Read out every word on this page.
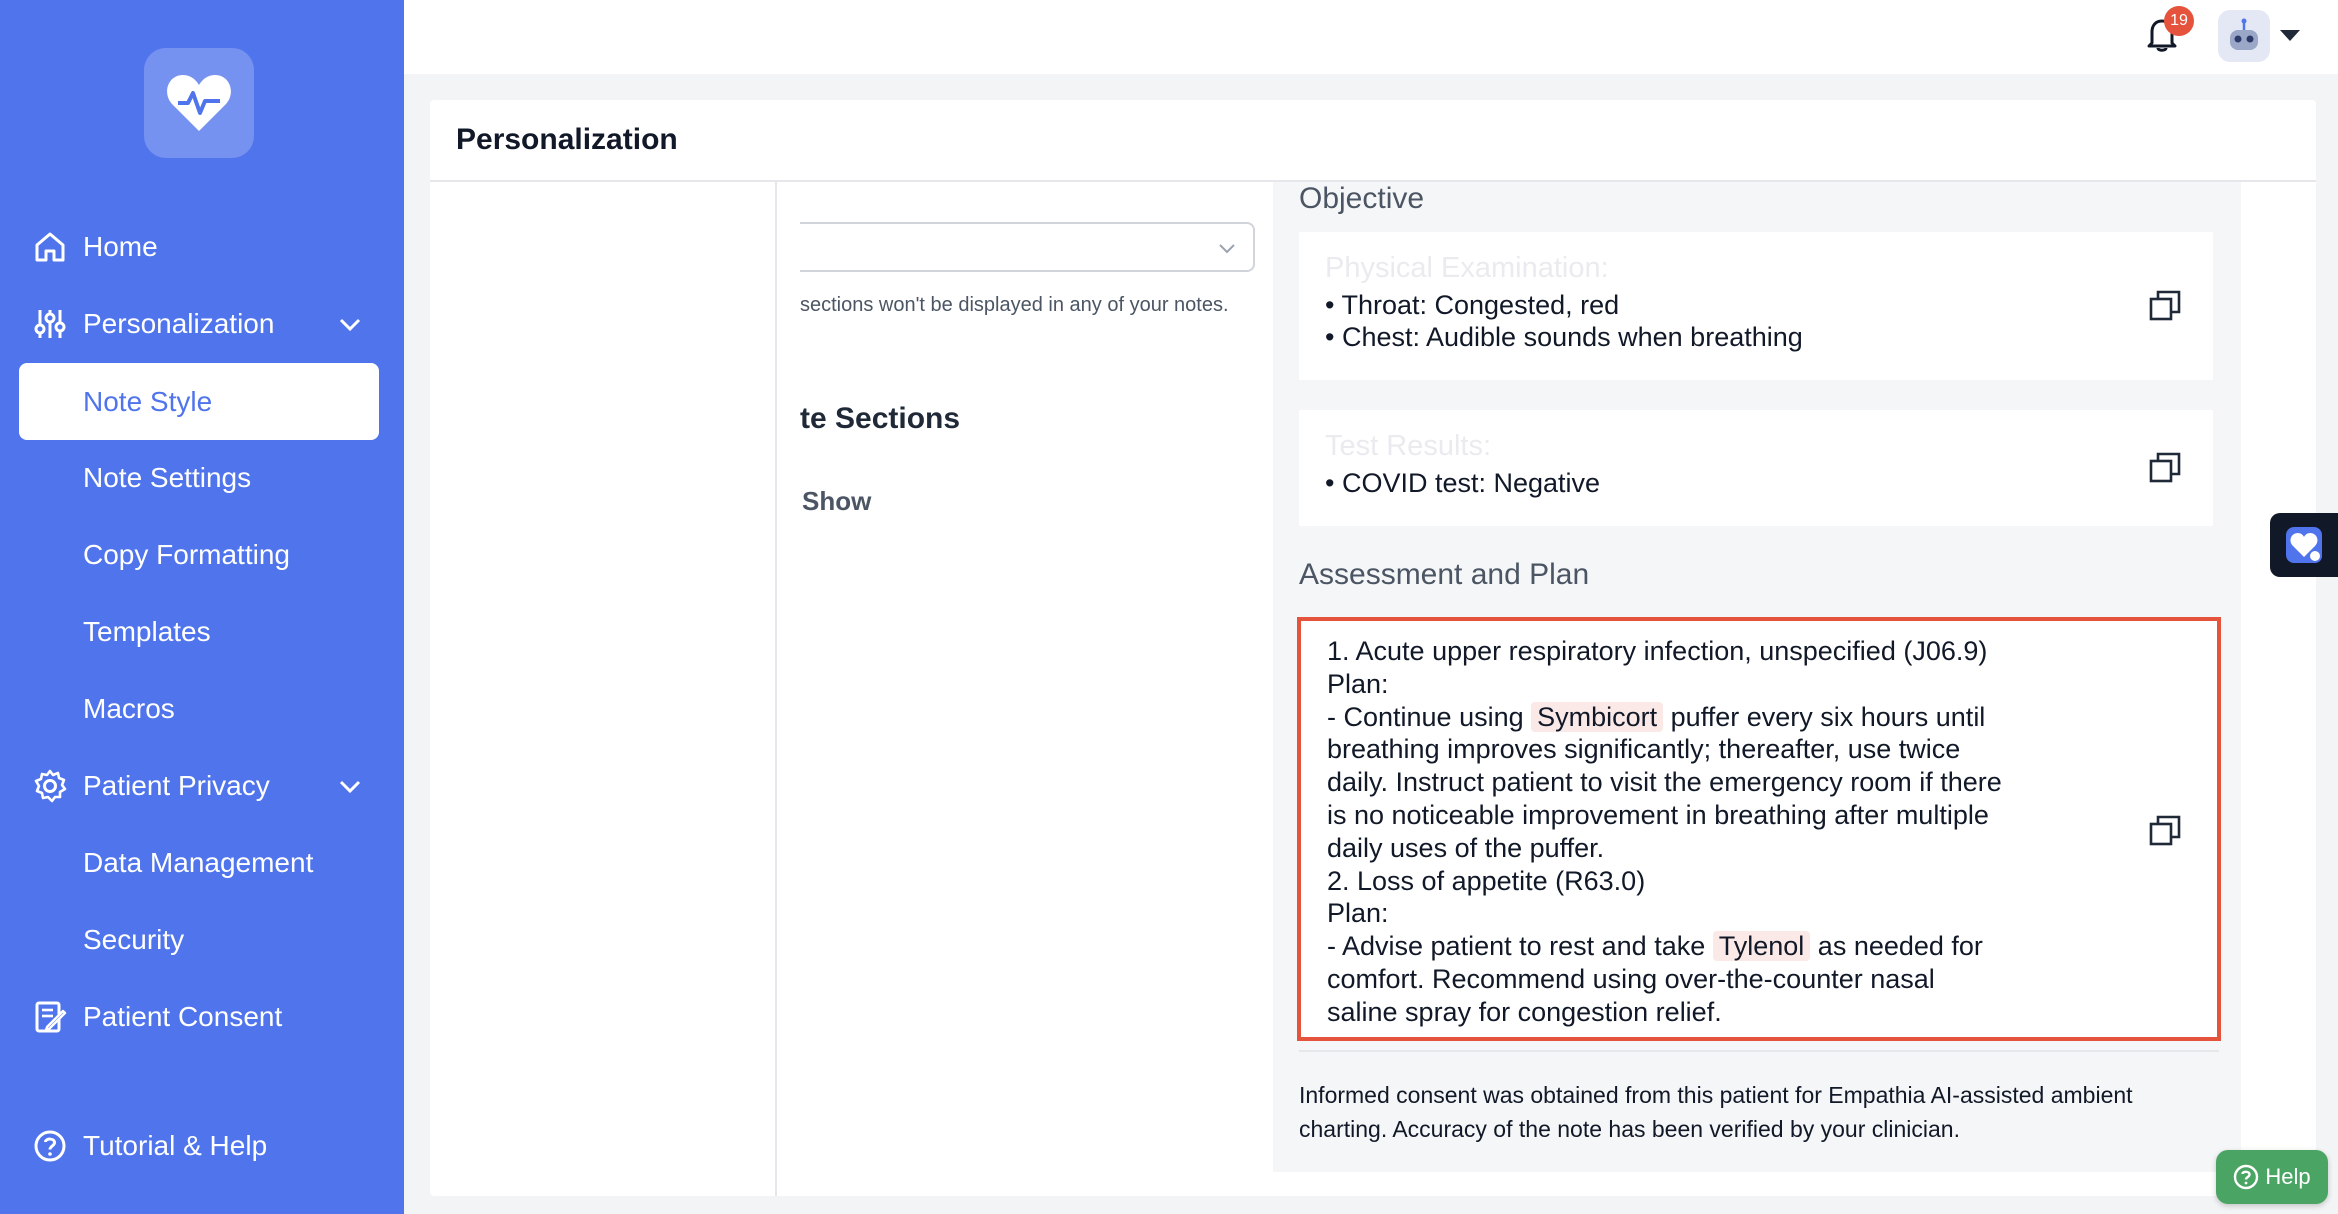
Home
Personalization
Note Style
Note Settings
Copy Formatting
Templates
Macros
Patient Privacy
Data Management
Security
Patient Consent
Tutorial & Help
19
Personalization
sections won't be displayed in any of your notes.
te Sections
Show
Objective
Physical Examination:
• Throat: Congested, red
• Chest: Audible sounds when breathing
Test Results:
• COVID test: Negative
Assessment and Plan

1. Acute upper respiratory infection, unspecified (J06.9)

Plan:

- Continue using Symbicort puffer every six hours until

breathing improves significantly; thereafter, use twice

daily. Instruct patient to visit the emergency room if there

is no noticeable improvement in breathing after multiple

daily uses of the puffer.

2. Loss of appetite (R63.0)

Plan:

- Advise patient to rest and take Tylenol as needed for

comfort. Recommend using over-the-counter nasal

saline spray for congestion relief.

Informed consent was obtained from this patient for Empathia AI-assisted ambient charting. Accuracy of the note has been verified by your clinician.
Help
